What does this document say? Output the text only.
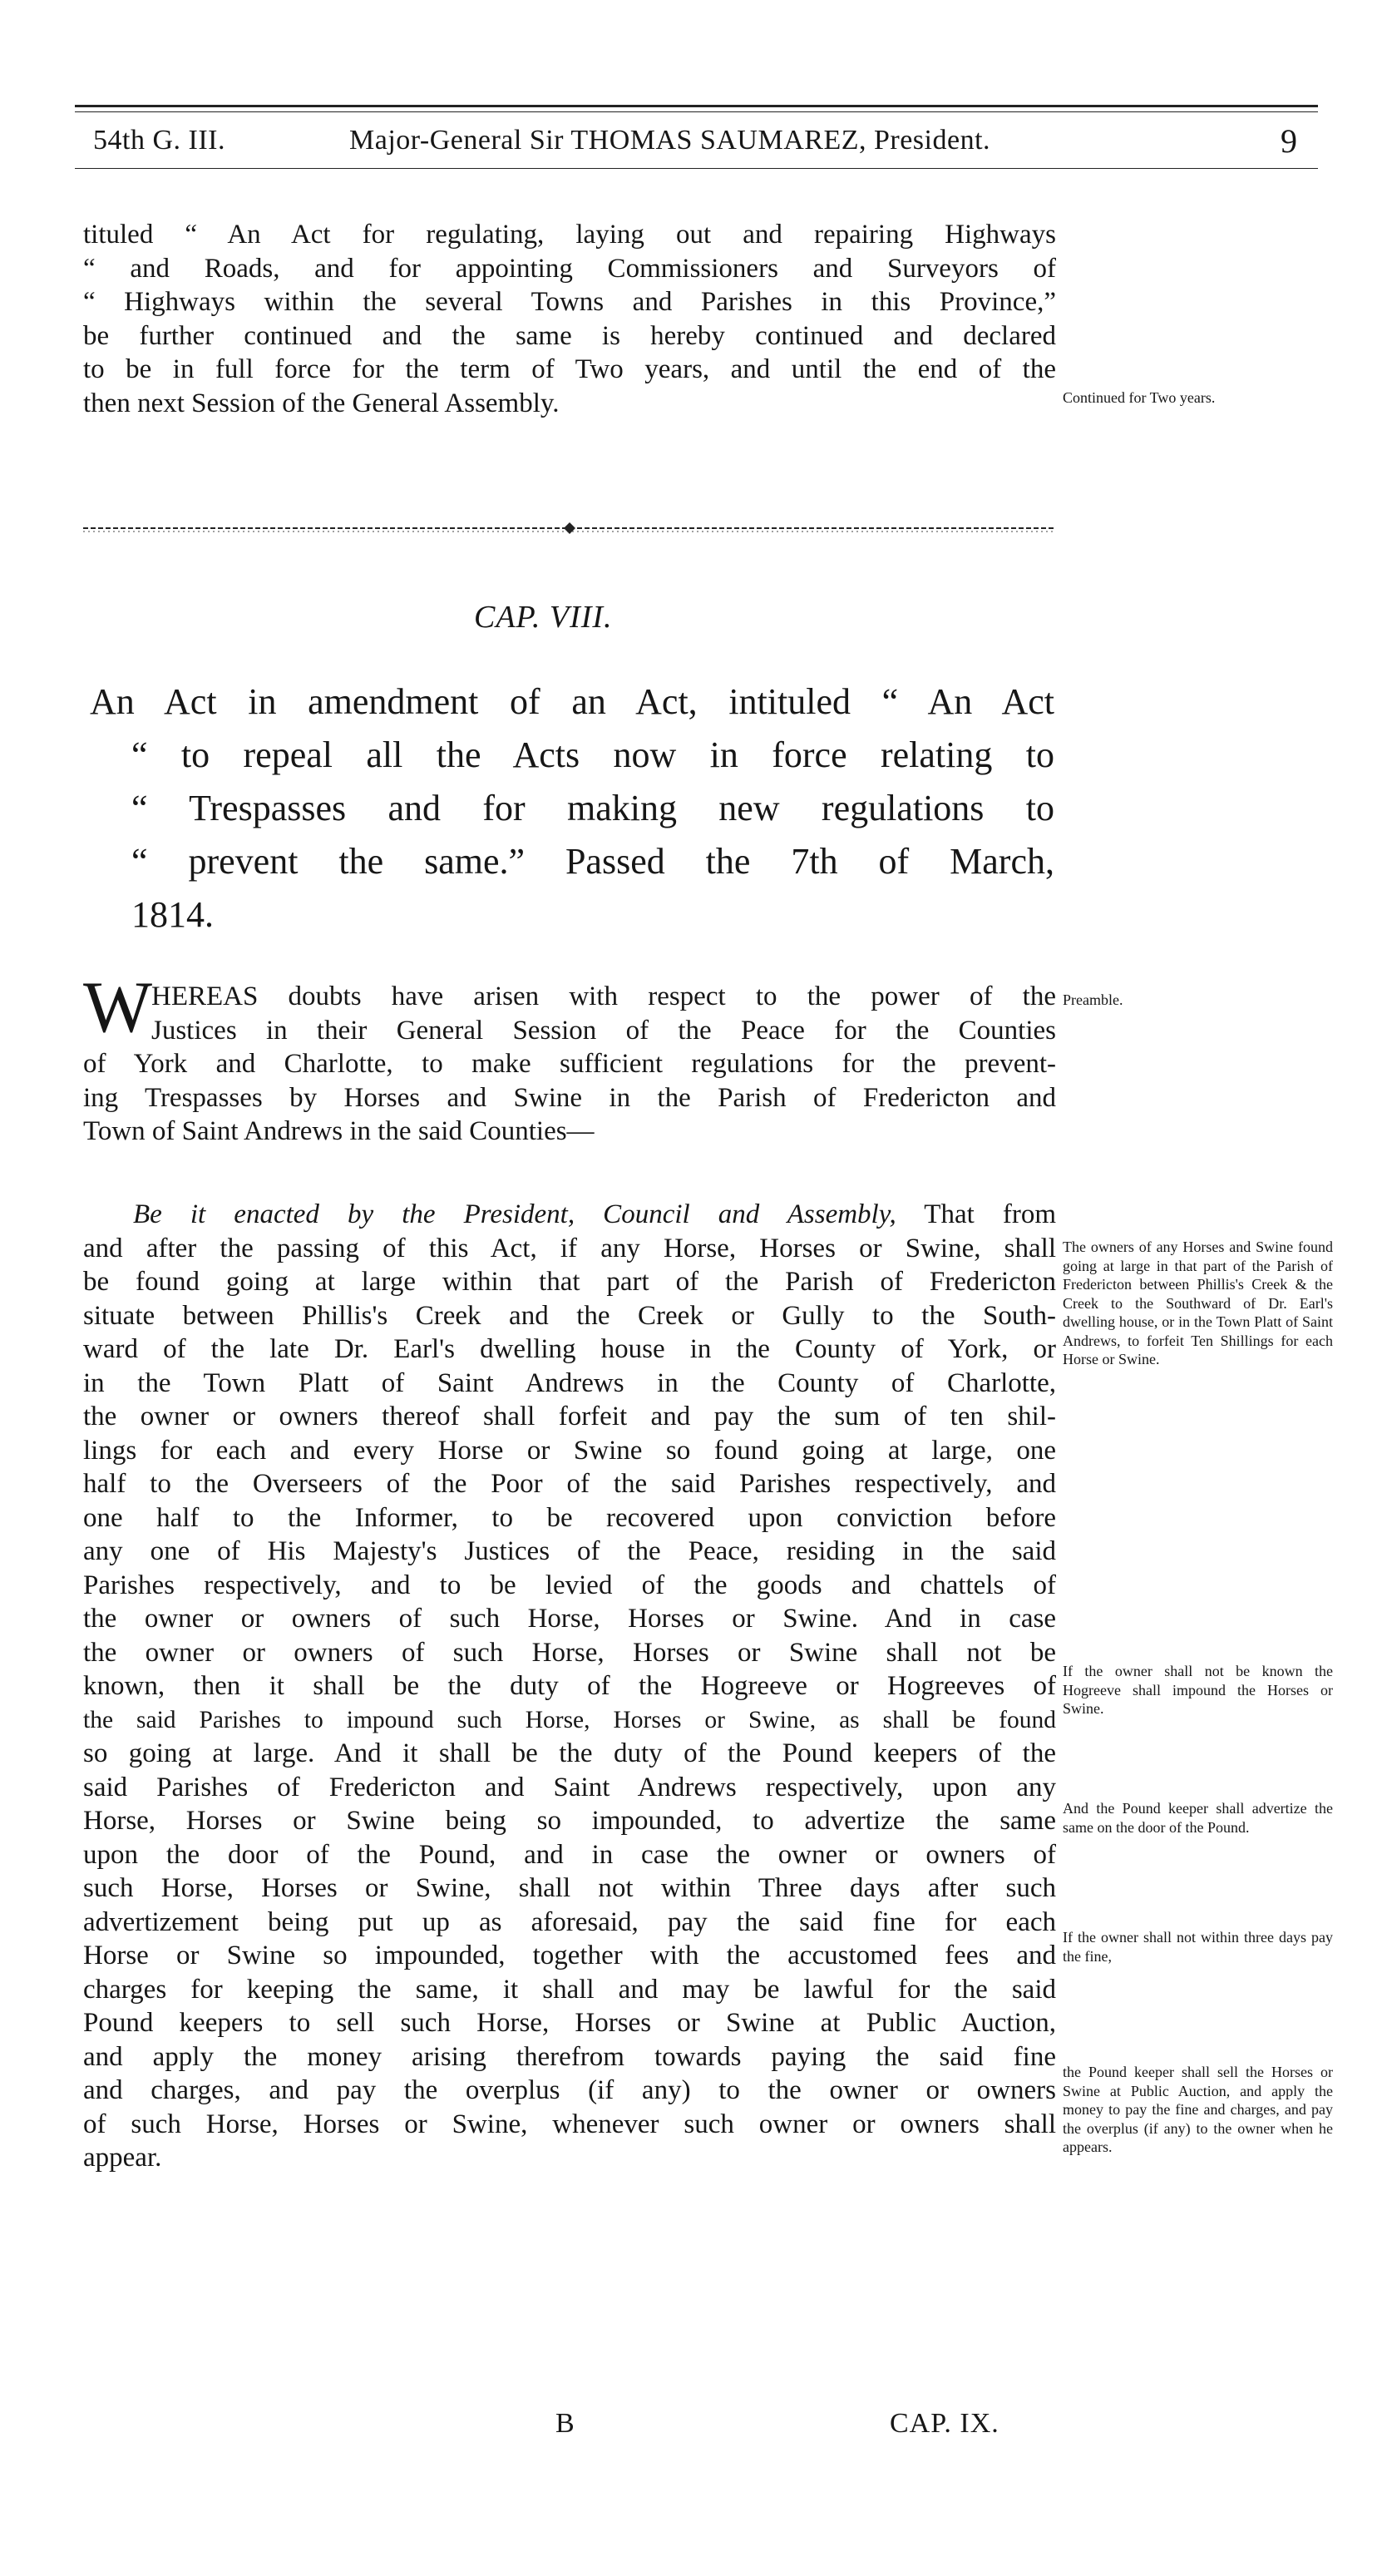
54th G. III.	Major-General Sir THOMAS SAUMAREZ, President.	9
tituled “ An Act for regulating, laying out and repairing Highways
“ and Roads, and for appointing Commissioners and Surveyors of
“ Highways within the several Towns and Parishes in this Province,”
be further continued and the same is hereby continued and declared
to be in full force for the term of Two years, and until the end of the
then next Session of the General Assembly.	Continued for Two years.
CAP. VIII.
An Act in amendment of an Act, intituled “ An Act
“ to repeal all the Acts now in force relating to
“ Trespasses and for making new regulations to
“ prevent the same.” Passed the 7th of March,
1814.
W
HEREAS doubts have arisen with respect to the power of the
Justices in their General Session of the Peace for the Counties
of York and Charlotte, to make sufficient regulations for the prevent-
ing Trespasses by Horses and Swine in the Parish of Fredericton and
Town of Saint Andrews in the said Counties—
Preamble.
Be it enacted by the President, Council and Assembly, That from
and after the passing of this Act, if any Horse, Horses or Swine, shall
be found going at large within that part of the Parish of Fredericton
situate between Phillis's Creek and the Creek or Gully to the South-
ward of the late Dr. Earl's dwelling house in the County of York, or
in the Town Platt of Saint Andrews in the County of Charlotte,
the owner or owners thereof shall forfeit and pay the sum of ten shil-
lings for each and every Horse or Swine so found going at large, one
half to the Overseers of the Poor of the said Parishes respectively, and
one half to the Informer, to be recovered upon conviction before
any one of His Majesty's Justices of the Peace, residing in the said
Parishes respectively, and to be levied of the goods and chattels of
the owner or owners of such Horse, Horses or Swine. And in case
the owner or owners of such Horse, Horses or Swine shall not be
known, then it shall be the duty of the Hogreeve or Hogreeves of
the said Parishes to impound such Horse, Horses or Swine, as shall be found
so going at large. And it shall be the duty of the Pound keepers of the
said Parishes of Fredericton and Saint Andrews respectively, upon any
Horse, Horses or Swine being so impounded, to advertize the same
upon the door of the Pound, and in case the owner or owners of
such Horse, Horses or Swine, shall not within Three days after such
advertizement being put up as aforesaid, pay the said fine for each
Horse or Swine so impounded, together with the accustomed fees and
charges for keeping the same, it shall and may be lawful for the said
Pound keepers to sell such Horse, Horses or Swine at Public Auction,
and apply the money arising therefrom towards paying the said fine
and charges, and pay the overplus (if any) to the owner or owners
of such Horse, Horses or Swine, whenever such owner or owners shall
appear.
The owners of any Horses and Swine found going at large in that part of the Parish of Fredericton between Phillis's Creek & the Creek to the Southward of Dr. Earl's dwelling house, or in the Town Platt of Saint Andrews, to forfeit Ten Shillings for each Horse or Swine.
If the owner shall not be known the Hogreeve shall impound the Horses or Swine.
And the Pound keeper shall advertize the same on the door of the Pound.
If the owner shall not within three days pay the fine,
the Pound keeper shall sell the Horses or Swine at Public Auction, and apply the money to pay the fine and charges, and pay the overplus (if any) to the owner when he appears.
B	CAP. IX.
